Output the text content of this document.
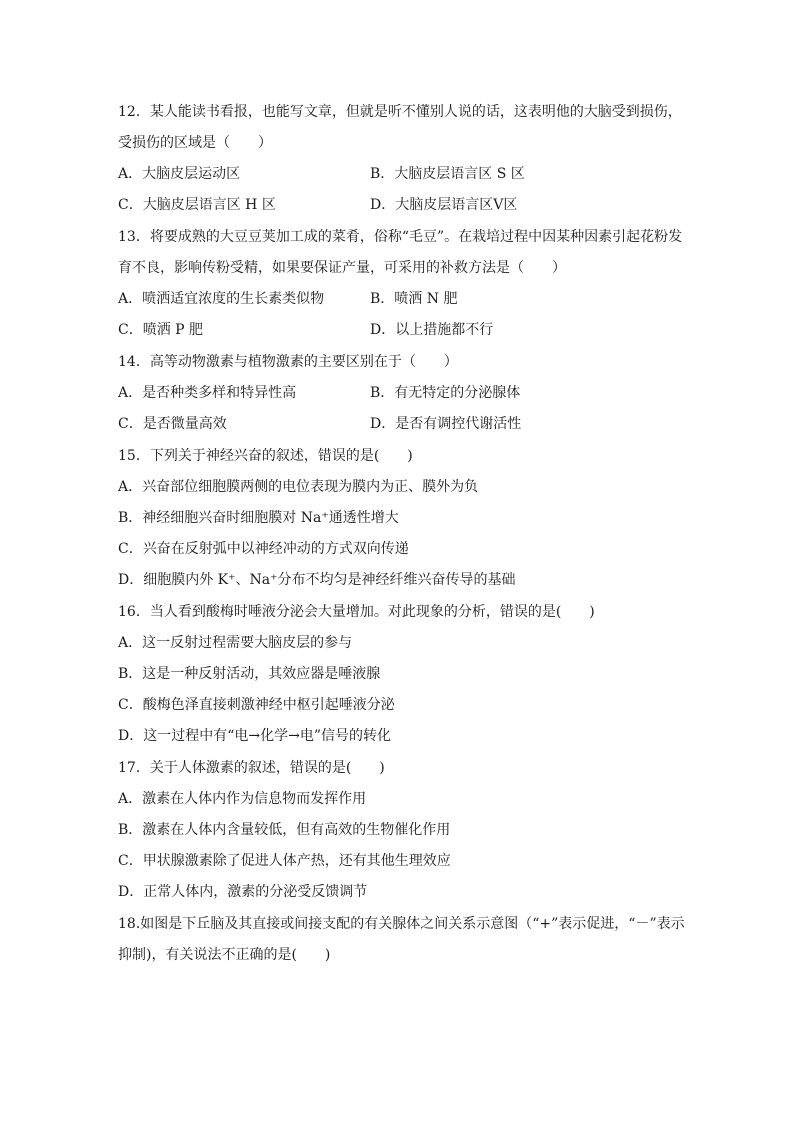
12．某人能读书看报，也能写文章，但就是听不懂别人说的话，这表明他的大脑受到损伤，
受损伤的区域是（　　）
A．大脑皮层运动区	B．大脑皮层语言区 S 区
C．大脑皮层语言区 H 区	D．大脑皮层语言区Ⅴ区
13．将要成熟的大豆豆荚加工成的菜肴，俗称“毛豆”。在栽培过程中因某种因素引起花粉发
育不良，影响传粉受精，如果要保证产量，可采用的补救方法是（　　）
A．喷洒适宜浓度的生长素类似物	B．喷洒 N 肥
C．喷洒 P 肥	D．以上措施都不行
14．高等动物激素与植物激素的主要区别在于（　　）
A．是否种类多样和特异性高	B．有无特定的分泌腺体
C．是否微量高效	D．是否有调控代谢活性
15．下列关于神经兴奋的叙述，错误的是(　　)
A．兴奋部位细胞膜两侧的电位表现为膜内为正、膜外为负
B．神经细胞兴奋时细胞膜对 Na⁺通透性增大
C．兴奋在反射弧中以神经冲动的方式双向传递
D．细胞膜内外 K⁺、Na⁺分布不均匀是神经纤维兴奋传导的基础
16．当人看到酸梅时唾液分泌会大量增加。对此现象的分析，错误的是(　　)
A．这一反射过程需要大脑皮层的参与
B．这是一种反射活动，其效应器是唾液腺
C．酸梅色泽直接刺激神经中枢引起唾液分泌
D．这一过程中有“电→化学→电”信号的转化
17．关于人体激素的叙述，错误的是(　　)
A．激素在人体内作为信息物而发挥作用
B．激素在人体内含量较低，但有高效的生物催化作用
C．甲状腺激素除了促进人体产热，还有其他生理效应
D．正常人体内，激素的分泌受反馈调节
18.如图是下丘脑及其直接或间接支配的有关腺体之间关系示意图（“+”表示促进，“－”表示
抑制)，有关说法不正确的是(　　)
